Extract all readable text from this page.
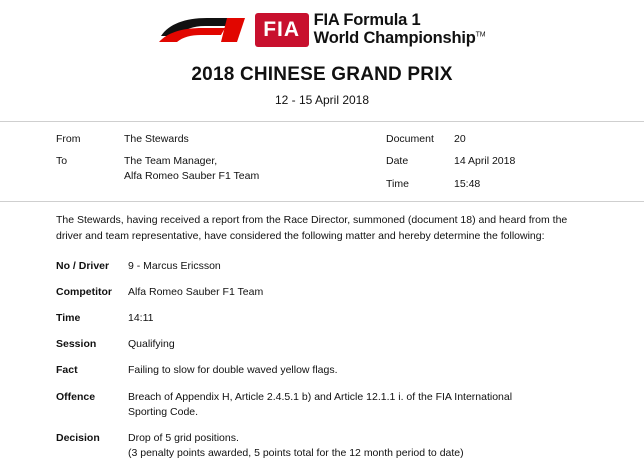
FIA FIA Formula 1
World Championship™
2018 CHINESE GRAND PRIX
12 - 15 April 2018
From	The Stewards
To	The Team Manager,
Alfa Romeo Sauber F1 Team
Document	20
Date	14 April 2018
Time	15:48
The Stewards, having received a report from the Race Director, summoned (document 18) and heard from the driver and team representative, have considered the following matter and hereby determine the following:
No / Driver	9 - Marcus Ericsson
Competitor	Alfa Romeo Sauber F1 Team
Time	14:11
Session	Qualifying
Fact	Failing to slow for double waved yellow flags.
Offence	Breach of Appendix H, Article 2.4.5.1 b) and Article 12.1.1 i. of the FIA International
Sporting Code.
Decision	Drop of 5 grid positions.
(3 penalty points awarded, 5 points total for the 12 month period to date)
